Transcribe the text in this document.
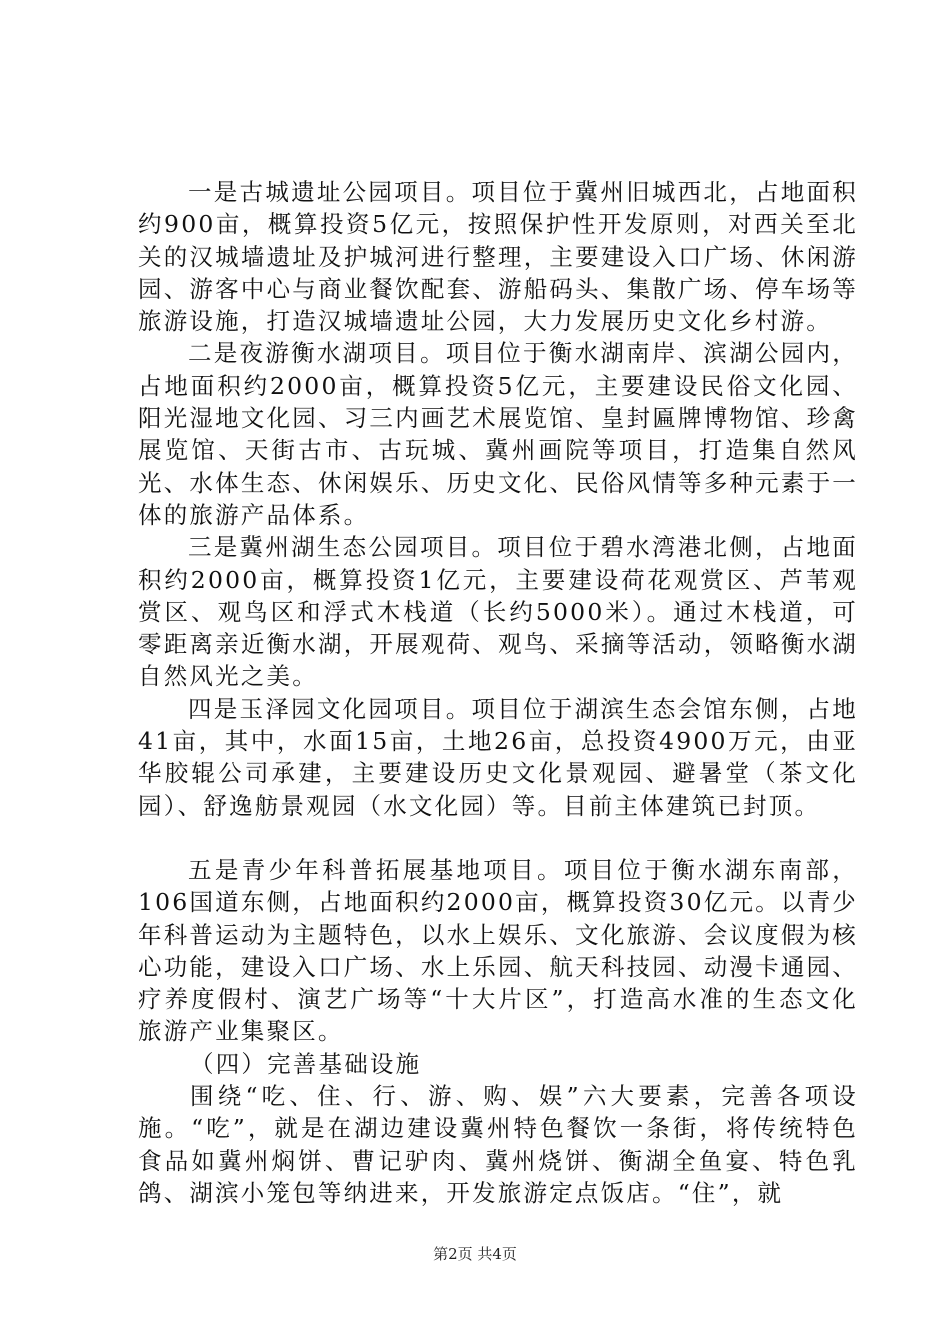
一是古城遗址公园项目。项目位于冀州旧城西北，占地面积约900亩，概算投资5亿元，按照保护性开发原则，对西关至北关的汉城墙遗址及护城河进行整理，主要建设入口广场、休闲游园、游客中心与商业餐饮配套、游船码头、集散广场、停车场等旅游设施，打造汉城墙遗址公园，大力发展历史文化乡村游。

二是夜游衡水湖项目。项目位于衡水湖南岸、滨湖公园内，占地面积约2000亩，概算投资5亿元，主要建设民俗文化园、阳光湿地文化园、习三内画艺术展览馆、皇封匾牌博物馆、珍禽展览馆、天街古市、古玩城、冀州画院等项目，打造集自然风光、水体生态、休闲娱乐、历史文化、民俗风情等多种元素于一体的旅游产品体系。

三是冀州湖生态公园项目。项目位于碧水湾港北侧，占地面积约2000亩，概算投资1亿元，主要建设荷花观赏区、芦苇观赏区、观鸟区和浮式木栈道（长约5000米）。通过木栈道，可零距离亲近衡水湖，开展观荷、观鸟、采摘等活动，领略衡水湖自然风光之美。

四是玉泽园文化园项目。项目位于湖滨生态会馆东侧，占地41亩，其中，水面15亩，土地26亩，总投资4900万元，由亚华胶辊公司承建，主要建设历史文化景观园、避暑堂（茶文化园）、舒逸舫景观园（水文化园）等。目前主体建筑已封顶。

五是青少年科普拓展基地项目。项目位于衡水湖东南部，106国道东侧，占地面积约2000亩，概算投资30亿元。以青少年科普运动为主题特色，以水上娱乐、文化旅游、会议度假为核心功能，建设入口广场、水上乐园、航天科技园、动漫卡通园、疗养度假村、演艺广场等“十大片区”，打造高水准的生态文化旅游产业集聚区。

（四）完善基础设施

围绕“吃、住、行、游、购、娱”六大要素，完善各项设施。“吃”，就是在湖边建设冀州特色餐饮一条街，将传统特色食品如冀州焖饼、曹记驴肉、冀州烧饼、衡湖全鱼宴、特色乳鸽、湖滨小笼包等纳进来，开发旅游定点饭店。“住”，就

第2页 共4页
